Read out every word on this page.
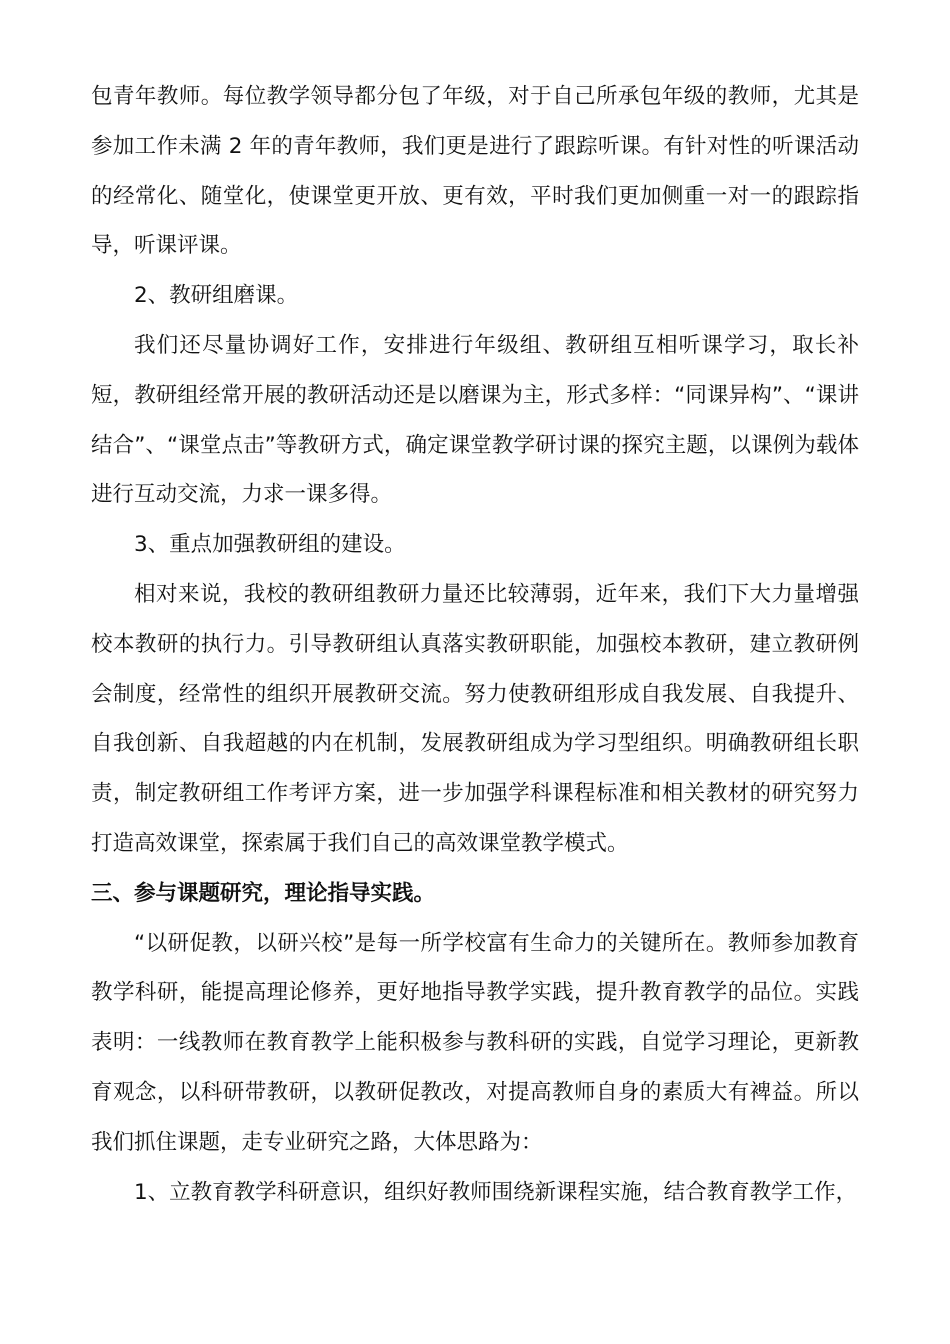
包青年教师。每位教学领导都分包了年级，对于自己所承包年级的教师，尤其是参加工作未满 2 年的青年教师，我们更是进行了跟踪听课。有针对性的听课活动的经常化、随堂化，使课堂更开放、更有效，平时我们更加侧重一对一的跟踪指导，听课评课。

2、教研组磨课。

我们还尽量协调好工作，安排进行年级组、教研组互相听课学习，取长补短，教研组经常开展的教研活动还是以磨课为主，形式多样：“同课异构”、“课讲结合”、“课堂点击”等教研方式，确定课堂教学研讨课的探究主题，以课例为载体进行互动交流，力求一课多得。

3、重点加强教研组的建设。

相对来说，我校的教研组教研力量还比较薄弱，近年来，我们下大力量增强校本教研的执行力。引导教研组认真落实教研职能，加强校本教研，建立教研例会制度，经常性的组织开展教研交流。努力使教研组形成自我发展、自我提升、自我创新、自我超越的内在机制，发展教研组成为学习型组织。明确教研组长职责，制定教研组工作考评方案，进一步加强学科课程标准和相关教材的研究努力打造高效课堂，探索属于我们自己的高效课堂教学模式。

三、参与课题研究，理论指导实践。

“以研促教，以研兴校”是每一所学校富有生命力的关键所在。教师参加教育教学科研，能提高理论修养，更好地指导教学实践，提升教育教学的品位。实践表明：一线教师在教育教学上能积极参与教科研的实践，自觉学习理论，更新教育观念，以科研带教研，以教研促教改，对提高教师自身的素质大有裨益。所以我们抓住课题，走专业研究之路，大体思路为：

1、立教育教学科研意识，组织好教师围绕新课程实施，结合教育教学工作，
